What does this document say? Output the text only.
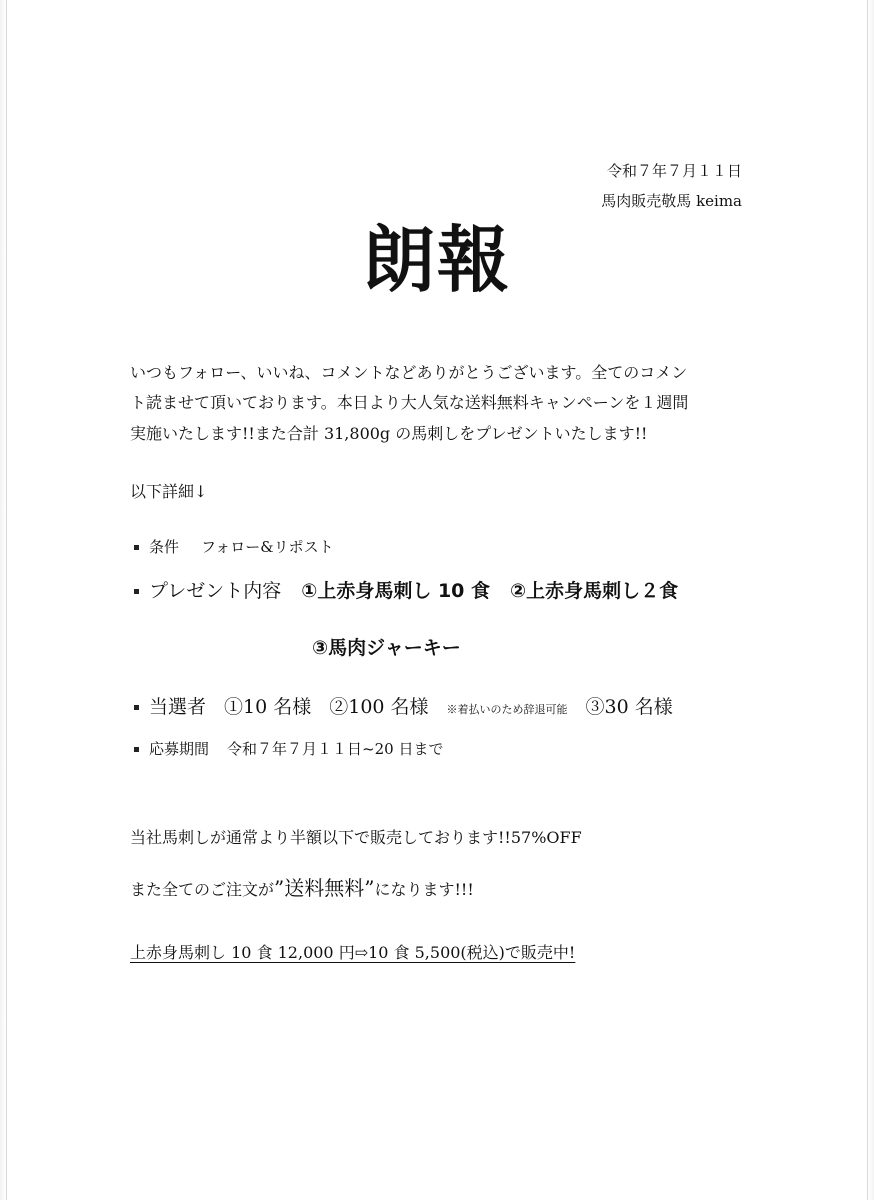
令和７年７月１１日
馬肉販売敬馬 keima
朗報
いつもフォロー、いいね、コメントなどありがとうございます。全てのコメン
ト読ませて頂いております。本日より大人気な送料無料キャンペーンを１週間
実施いたします!!また合計 31,800g の馬刺しをプレゼントいたします!!
以下詳細↓
条件 フォロー&リポスト
プレゼント内容 ①上赤身馬刺し 10 食 ②上赤身馬刺し２食
③馬肉ジャーキー
当選者 ①10 名様 ②100 名様 ※着払いのため辞退可能 ③30 名様
応募期間 令和７年７月１１日~20 日まで
当社馬刺しが通常より半額以下で販売しております!!57%OFF
また全てのご注文が”送料無料”になります!!!
上赤身馬刺し 10 食 12,000 円⇨10 食 5,500(税込)で販売中!
